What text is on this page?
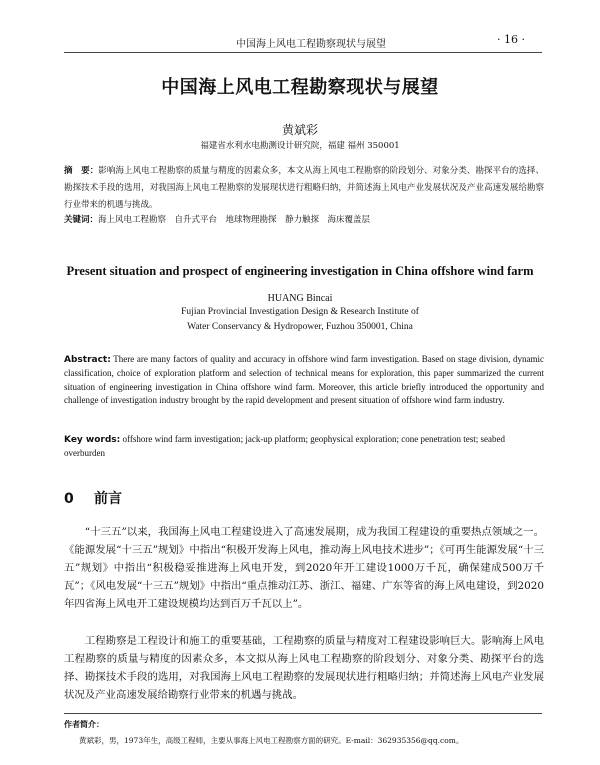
中国海上风电工程勘察现状与展望	· 16 ·
中国海上风电工程勘察现状与展望
黄斌彩
福建省水利水电勘测设计研究院，福建 福州 350001
摘　要：影响海上风电工程勘察的质量与精度的因素众多，本文从海上风电工程勘察的阶段划分、对象分类、勘探平台的选择、勘探技术手段的选用，对我国海上风电工程勘察的发展现状进行粗略归纳，并简述海上风电产业发展状况及产业高速发展给勘察行业带来的机遇与挑战。
关键词：海上风电工程勘察　自升式平台　地球物理勘探　静力触探　海床覆盖层
Present situation and prospect of engineering investigation in China offshore wind farm
HUANG Bincai
Fujian Provincial Investigation Design & Research Institute of
Water Conservancy & Hydropower, Fuzhou 350001, China
Abstract: There are many factors of quality and accuracy in offshore wind farm investigation. Based on stage division, dynamic classification, choice of exploration platform and selection of technical means for exploration, this paper summarized the current situation of engineering investigation in China offshore wind farm. Moreover, this article briefly introduced the opportunity and challenge of investigation industry brought by the rapid development and present situation of offshore wind farm industry.
Key words: offshore wind farm investigation; jack-up platform; geophysical exploration; cone penetration test; seabed overburden
0 前言
“十三五”以来，我国海上风电工程建设进入了高速发展期，成为我国工程建设的重要热点领域之一。《能源发展“十三五”规划》中指出“积极开发海上风电，推动海上风电技术进步”；《可再生能源发展“十三五”规划》中指出“积极稳妥推进海上风电开发，到2020年开工建设1000万千瓦，确保建成500万千瓦”；《风电发展“十三五”规划》中指出“重点推动江苏、浙江、福建、广东等省的海上风电建设，到2020年四省海上风电开工建设规模均达到百万千瓦以上”。
工程勘察是工程设计和施工的重要基础，工程勘察的质量与精度对工程建设影响巨大。影响海上风电工程勘察的质量与精度的因素众多，本文拟从海上风电工程勘察的阶段划分、对象分类、勘探平台的选择、勘探技术手段的选用，对我国海上风电工程勘察的发展现状进行粗略归纳；并简述海上风电产业发展状况及产业高速发展给勘察行业带来的机遇与挑战。
作者简介：
黄斌彩，男，1973年生，高级工程师，主要从事海上风电工程勘察方面的研究。E-mail：362935356@qq.com。
